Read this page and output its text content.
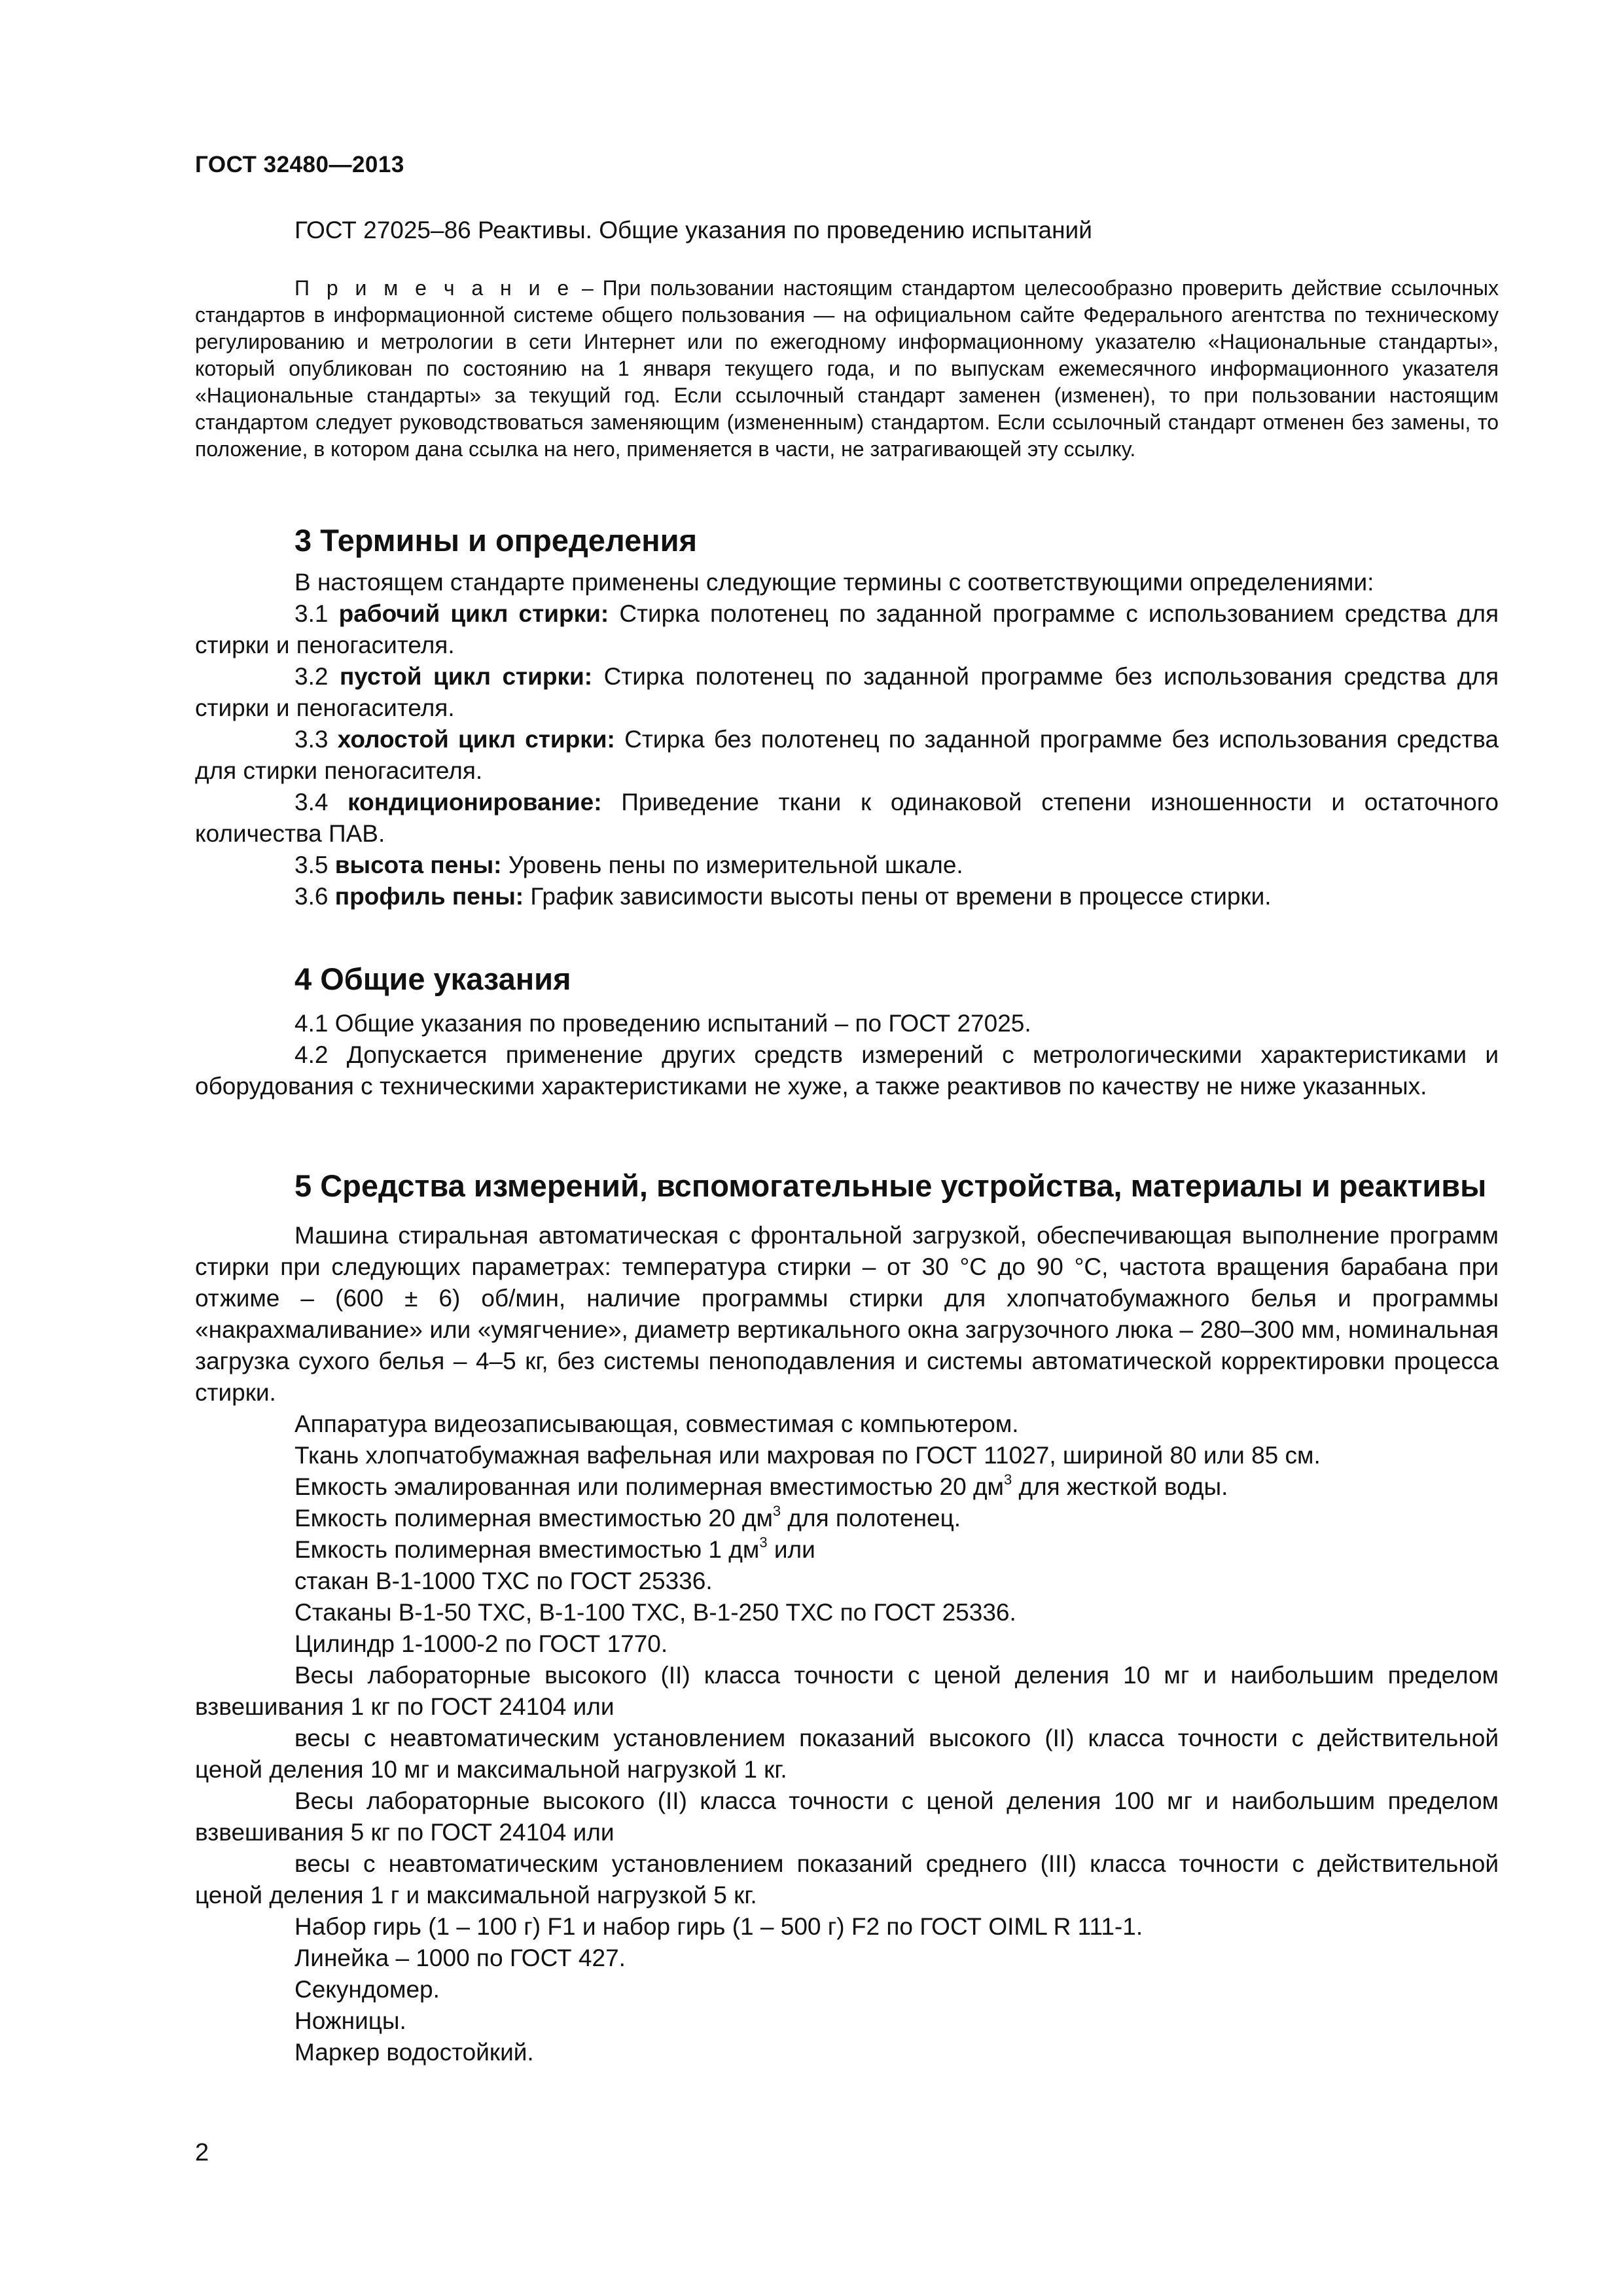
ГОСТ 32480—2013

ГОСТ 27025–86 Реактивы. Общие указания по проведению испытаний

П р и м е ч а н и е – При пользовании настоящим стандартом целесообразно проверить действие ссылочных стандартов в информационной системе общего пользования — на официальном сайте Федерального агентства по техническому регулированию и метрологии в сети Интернет или по ежегодному информационному указателю «Национальные стандарты», который опубликован по состоянию на 1 января текущего года, и по выпускам ежемесячного информационного указателя «Национальные стандарты» за текущий год. Если ссылочный стандарт заменен (изменен), то при пользовании настоящим стандартом следует руководствоваться заменяющим (измененным) стандартом. Если ссылочный стандарт отменен без замены, то положение, в котором дана ссылка на него, применяется в части, не затрагивающей эту ссылку.

3 Термины и определения

В настоящем стандарте применены следующие термины с соответствующими определениями:

3.1 рабочий цикл стирки: Стирка полотенец по заданной программе с использованием средства для стирки и пеногасителя.

3.2 пустой цикл стирки: Стирка полотенец по заданной программе без использования средства для стирки и пеногасителя.

3.3 холостой цикл стирки: Стирка без полотенец по заданной программе без использования средства для стирки пеногасителя.

3.4 кондиционирование: Приведение ткани к одинаковой степени изношенности и остаточного количества ПАВ.

3.5 высота пены: Уровень пены по измерительной шкале.

3.6 профиль пены: График зависимости высоты пены от времени в процессе стирки.

4 Общие указания

4.1 Общие указания по проведению испытаний – по ГОСТ 27025.

4.2 Допускается применение других средств измерений с метрологическими характеристиками и оборудования с техническими характеристиками не хуже, а также реактивов по качеству не ниже указанных.

5 Средства измерений, вспомогательные устройства, материалы и реактивы

Машина стиральная автоматическая с фронтальной загрузкой, обеспечивающая выполнение программ стирки при следующих параметрах: температура стирки – от 30 °С до 90 °С, частота вращения барабана при отжиме – (600 ± 6) об/мин, наличие программы стирки для хлопчатобумажного белья и программы «накрахмаливание» или «умягчение», диаметр вертикального окна загрузочного люка – 280–300 мм, номинальная загрузка сухого белья – 4–5 кг, без системы пеноподавления и системы автоматической корректировки процесса стирки.

Аппаратура видеозаписывающая, совместимая с компьютером.

Ткань хлопчатобумажная вафельная или махровая по ГОСТ 11027, шириной 80 или 85 см.

Емкость эмалированная или полимерная вместимостью 20 $дм^3$ для жесткой воды.

Емкость полимерная вместимостью 20 $дм^3$ для полотенец.

Емкость полимерная вместимостью 1 $дм^3$ или

стакан В-1-1000 ТХС по ГОСТ 25336.

Стаканы В-1-50 ТХС, В-1-100 ТХС, В-1-250 ТХС по ГОСТ 25336.

Цилиндр 1-1000-2 по ГОСТ 1770.

Весы лабораторные высокого (II) класса точности с ценой деления 10 мг и наибольшим пределом взвешивания 1 кг по ГОСТ 24104 или

весы с неавтоматическим установлением показаний высокого (II) класса точности с действительной ценой деления 10 мг и максимальной нагрузкой 1 кг.

Весы лабораторные высокого (II) класса точности с ценой деления 100 мг и наибольшим пределом взвешивания 5 кг по ГОСТ 24104 или

весы с неавтоматическим установлением показаний среднего (III) класса точности с действительной ценой деления 1 г и максимальной нагрузкой 5 кг.

Набор гирь (1 – 100 г) F1 и набор гирь (1 – 500 г) F2 по ГОСТ OIML R 111-1.

Линейка – 1000 по ГОСТ 427.

Секундомер.

Ножницы.

Маркер водостойкий.

2
